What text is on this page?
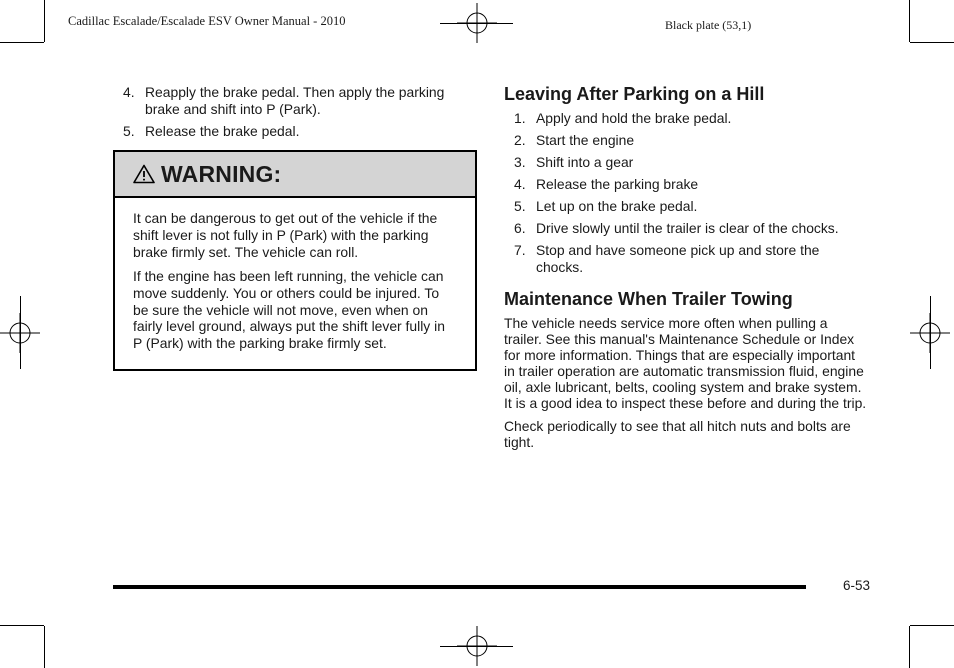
Cadillac Escalade/Escalade ESV Owner Manual - 2010	Black plate (53,1)
4. Reapply the brake pedal. Then apply the parking brake and shift into P (Park).
5. Release the brake pedal.
WARNING:

It can be dangerous to get out of the vehicle if the shift lever is not fully in P (Park) with the parking brake firmly set. The vehicle can roll.

If the engine has been left running, the vehicle can move suddenly. You or others could be injured. To be sure the vehicle will not move, even when on fairly level ground, always put the shift lever fully in P (Park) with the parking brake firmly set.

Leaving After Parking on a Hill
1. Apply and hold the brake pedal.
2. Start the engine
3. Shift into a gear
4. Release the parking brake
5. Let up on the brake pedal.
6. Drive slowly until the trailer is clear of the chocks.
7. Stop and have someone pick up and store the chocks.
Maintenance When Trailer Towing

The vehicle needs service more often when pulling a trailer. See this manual's Maintenance Schedule or Index for more information. Things that are especially important in trailer operation are automatic transmission fluid, engine oil, axle lubricant, belts, cooling system and brake system. It is a good idea to inspect these before and during the trip.

Check periodically to see that all hitch nuts and bolts are tight.

6-53
